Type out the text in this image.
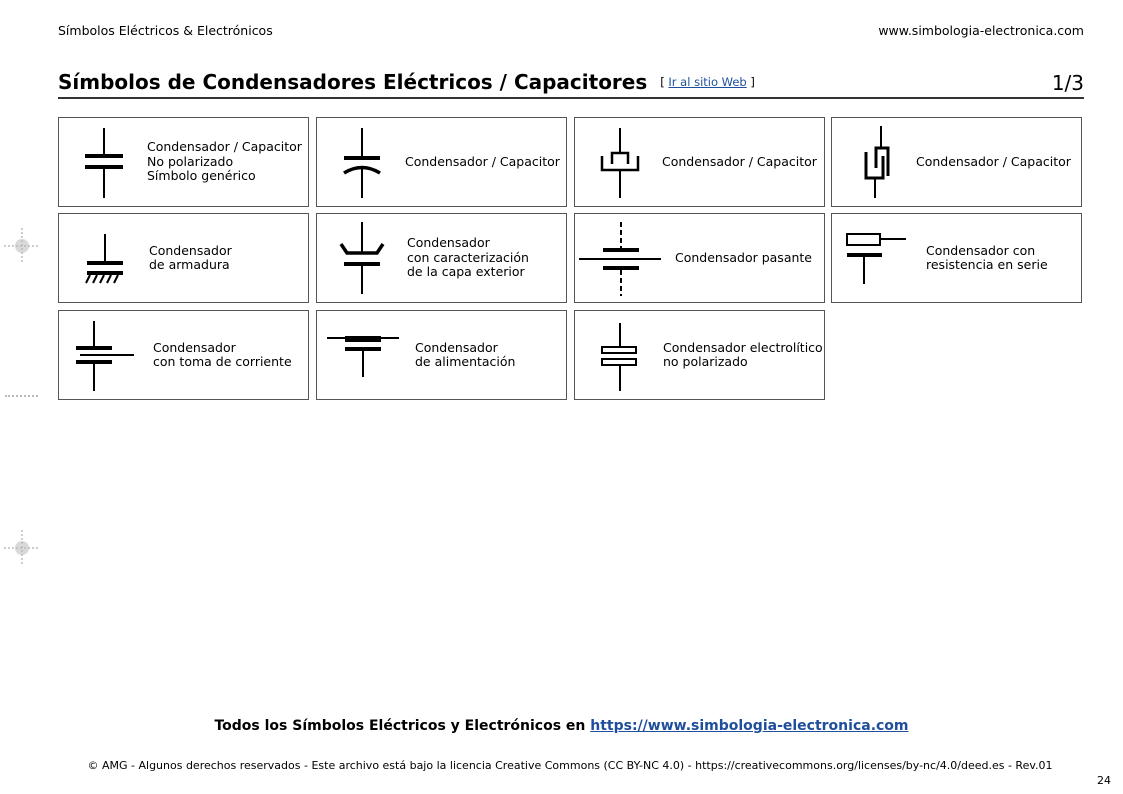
Símbolos Eléctricos & Electrónicos	www.simbologia-electronica.com
Símbolos de Condensadores Eléctricos / Capacitores [ Ir al sitio Web ]	1/3
Condensador / Capacitor
No polarizado
Símbolo genérico
Condensador / Capacitor	Condensador / Capacitor	Condensador / Capacitor
Condensador
de armadura
Condensador
con caracterización
de la capa exterior
Condensador pasante	Condensador con
resistencia en serie
Condensador
con toma de corriente
Condensador
de alimentación
Condensador electrolítico
no polarizado
Todos los Símbolos Eléctricos y Electrónicos en https://www.simbologia-electronica.com
© AMG - Algunos derechos reservados - Este archivo está bajo la licencia Creative Commons (CC BY-NC 4.0) - https://creativecommons.org/licenses/by-nc/4.0/deed.es - Rev.01
24
